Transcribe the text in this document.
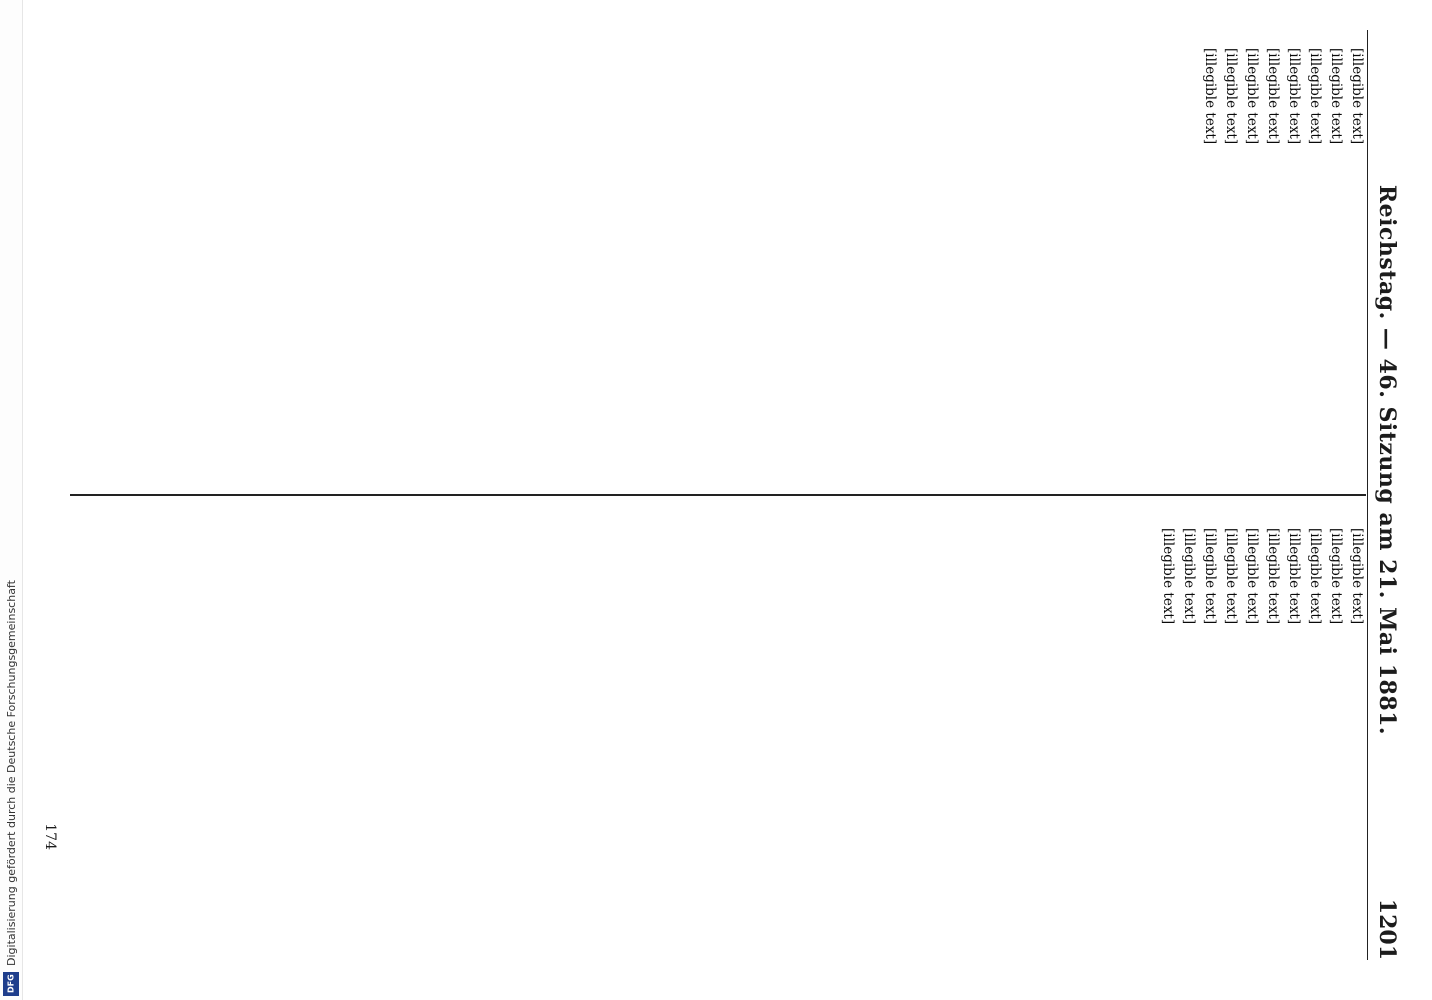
Digitalisierung gefördert durch die Deutsche Forschungsgemeinschaft
DFG
Reichstag. — 46. Sitzung am 21. Mai 1881.
1201

[illegible text]

[illegible text]

[illegible text]

[illegible text]

[illegible text]

[illegible text]

[illegible text]

[illegible text]

[illegible text]

[illegible text]

[illegible text]

[illegible text]

[illegible text]

[illegible text]

[illegible text]

[illegible text]

[illegible text]

[illegible text]

174
